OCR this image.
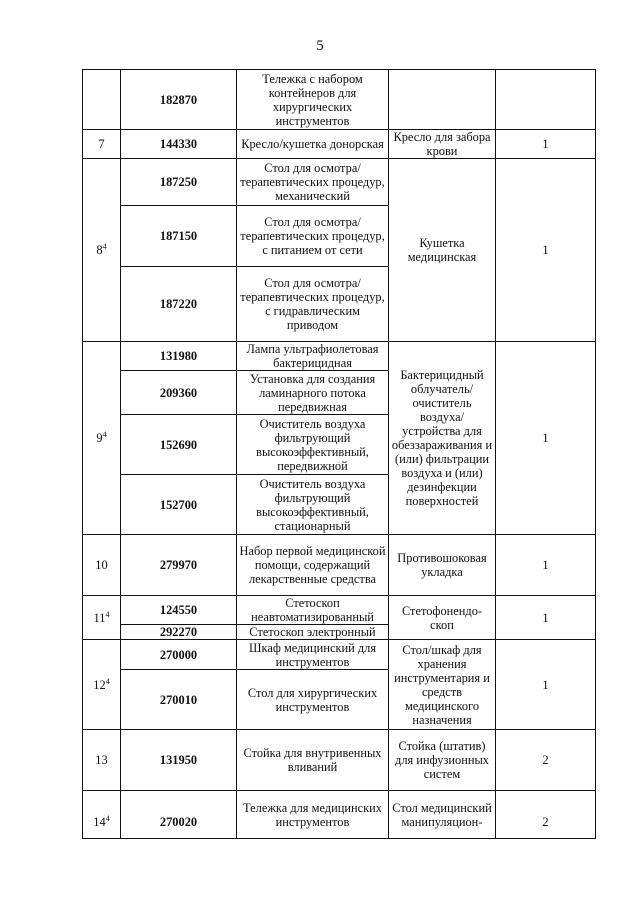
5
	182870	Тележка с набором контейнеров для хирургических инструментов		
7	144330	Кресло/кушетка донорская	Кресло для забора крови	1
$8^4$	187250	Стол для осмотра/терапевтических процедур, механический	Кушетка медицинская	1
	187150	Стол для осмотра/терапевтических процедур, с питанием от сети		
	187220	Стол для осмотра/терапевтических процедур, с гидравлическим приводом		
$9^4$	131980	Лампа ультрафиолетовая бактерицидная	Бактерицидный облучатель/ очиститель воздуха/ устройства для обеззараживания и (или) фильтрации воздуха и (или) дезинфекции поверхностей	1
	209360	Установка для создания ламинарного потока передвижная		
	152690	Очиститель воздуха фильтрующий высокоэффективный, передвижной		
	152700	Очиститель воздуха фильтрующий высокоэффективный, стационарный		
10	279970	Набор первой медицинской помощи, содержащий лекарственные средства	Противошоковая укладка	1
$11^4$	124550	Стетоскоп неавтоматизированный	Стетофонендо-скоп	1
	292270	Стетоскоп электронный		
$12^4$	270000	Шкаф медицинский для инструментов	Стол/шкаф для хранения инструментария и средств медицинского назначения	1
	270010	Стол для хирургических инструментов		
13	131950	Стойка для внутривенных вливаний	Стойка (штатив) для инфузионных систем	2
$14^4$	270020	Тележка для медицинских инструментов	Стол медицинский манипуляцион-	2
